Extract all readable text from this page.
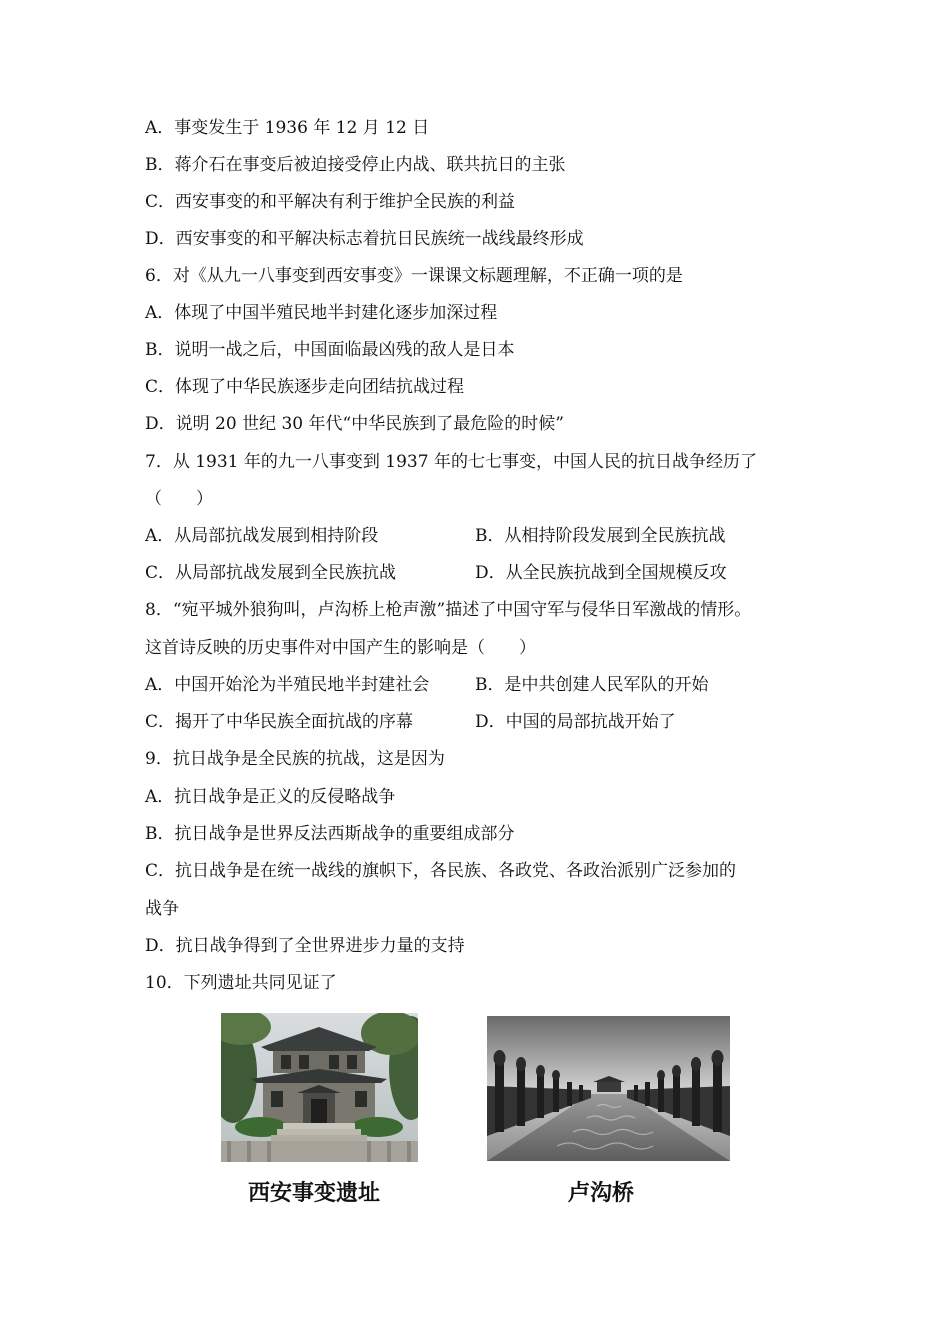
A．事变发生于 1936 年 12 月 12 日
B．蒋介石在事变后被迫接受停止内战、联共抗日的主张
C．西安事变的和平解决有利于维护全民族的利益
D．西安事变的和平解决标志着抗日民族统一战线最终形成
6．对《从九一八事变到西安事变》一课课文标题理解，不正确一项的是
A．体现了中国半殖民地半封建化逐步加深过程
B．说明一战之后，中国面临最凶残的敌人是日本
C．体现了中华民族逐步走向团结抗战过程
D．说明 20 世纪 30 年代“中华民族到了最危险的时候”
7．从 1931 年的九一八事变到 1937 年的七七事变，中国人民的抗日战争经历了
（　　）
A．从局部抗战发展到相持阶段	B．从相持阶段发展到全民族抗战
C．从局部抗战发展到全民族抗战	D．从全民族抗战到全国规模反攻
8．“宛平城外狼狗叫，卢沟桥上枪声激”描述了中国守军与侵华日军激战的情形。
这首诗反映的历史事件对中国产生的影响是（　　）
A．中国开始沦为半殖民地半封建社会	B．是中共创建人民军队的开始
C．揭开了中华民族全面抗战的序幕	D．中国的局部抗战开始了
9．抗日战争是全民族的抗战，这是因为
A．抗日战争是正义的反侵略战争
B．抗日战争是世界反法西斯战争的重要组成部分
C．抗日战争是在统一战线的旗帜下，各民族、各政党、各政治派别广泛参加的
战争
D．抗日战争得到了全世界进步力量的支持
10．下列遗址共同见证了
西安事变遗址	卢沟桥
